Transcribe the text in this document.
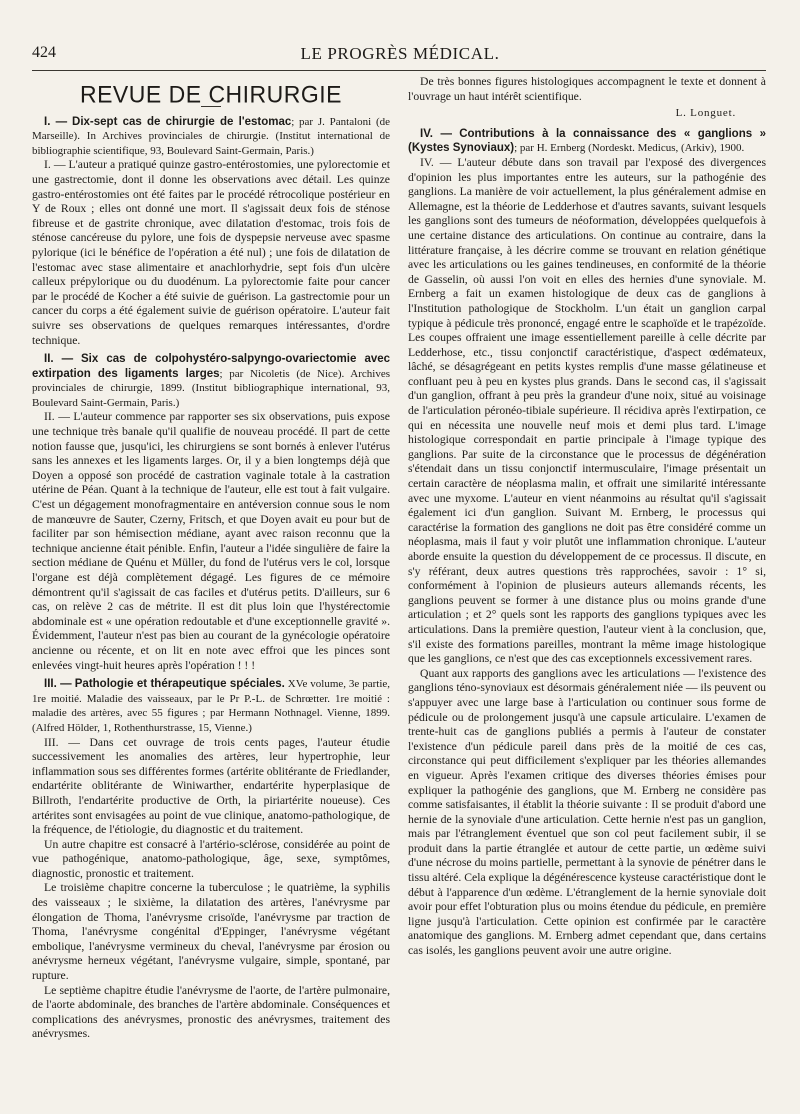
424	LE PROGRÈS MÉDICAL.
REVUE DE CHIRURGIE

I. — Dix-sept cas de chirurgie de l'estomac; par J. Pantaloni (de Marseille). In Archives provinciales de chirurgie. (Institut international de bibliographie scientifique, 93, Boulevard Saint-Germain, Paris.)

I. — L'auteur a pratiqué quinze gastro-entérostomies, une pylorectomie et une gastrectomie, dont il donne les observations avec détail. Les quinze gastro-entérostomies ont été faites par le procédé rétrocolique postérieur en Y de Roux ; elles ont donné une mort. Il s'agissait deux fois de sténose fibreuse et de gastrite chronique, avec dilatation d'estomac, trois fois de sténose cancéreuse du pylore, une fois de dyspepsie nerveuse avec spasme pylorique (ici le bénéfice de l'opération a été nul) ; une fois de dilatation de l'estomac avec stase alimentaire et anachlorhydrie, sept fois d'un ulcère calleux prépylorique ou du duodénum. La pylorectomie faite pour cancer par le procédé de Kocher a été suivie de guérison. La gastrectomie pour un cancer du corps a été également suivie de guérison opératoire. L'auteur fait suivre ses observations de quelques remarques intéressantes, d'ordre technique.

II. — Six cas de colpohystéro-salpyngo-ovariectomie avec extirpation des ligaments larges; par Nicoletis (de Nice). Archives provinciales de chirurgie, 1899. (Institut bibliographique international, 93, Boulevard Saint-Germain, Paris.)

II. — L'auteur commence par rapporter ses six observations, puis expose une technique très banale qu'il qualifie de nouveau procédé. Il part de cette notion fausse que, jusqu'ici, les chirurgiens se sont bornés à enlever l'utérus sans les annexes et les ligaments larges. Or, il y a bien longtemps déjà que Doyen a opposé son procédé de castration vaginale totale à la castration utérine de Péan. Quant à la technique de l'auteur, elle est tout à fait vulgaire. C'est un dégagement monofragmentaire en antéversion connue sous le nom de manœuvre de Sauter, Czerny, Fritsch, et que Doyen avait eu pour but de faciliter par son hémisection médiane, ayant avec raison reconnu que la technique ancienne était pénible. Enfin, l'auteur a l'idée singulière de faire la section médiane de Quénu et Müller, du fond de l'utérus vers le col, lorsque l'organe est déjà complètement dégagé. Les figures de ce mémoire démontrent qu'il s'agissait de cas faciles et d'utérus petits. D'ailleurs, sur 6 cas, on relève 2 cas de métrite. Il est dit plus loin que l'hystérectomie abdominale est « une opération redoutable et d'une exceptionnelle gravité ». Évidemment, l'auteur n'est pas bien au courant de la gynécologie opératoire ancienne ou récente, et on lit en note avec effroi que les pinces sont enlevées vingt-huit heures après l'opération ! ! !

III. — Pathologie et thérapeutique spéciales. XVe volume, 3e partie, 1re moitié. Maladie des vaisseaux, par le Pr P.-L. de Schrœtter. 1re moitié : maladie des artères, avec 55 figures ; par Hermann Nothnagel. Vienne, 1899. (Alfred Hölder, 1, Rothenthurstrasse, 15, Vienne.)

III. — Dans cet ouvrage de trois cents pages, l'auteur étudie successivement les anomalies des artères, leur hypertrophie, leur inflammation sous ses différentes formes (artérite oblitérante de Friedlander, endartérite oblitérante de Winiwarther, endartérite hyperplasique de Billroth, l'endartérite productive de Orth, la piriartérite noueuse). Ces artérites sont envisagées au point de vue clinique, anatomo-pathologique, de la fréquence, de l'étiologie, du diagnostic et du traitement.

Un autre chapitre est consacré à l'artério-sclérose, considérée au point de vue pathogénique, anatomo-pathologique, âge, sexe, symptômes, diagnostic, pronostic et traitement.

Le troisième chapitre concerne la tuberculose ; le quatrième, la syphilis des vaisseaux ; le sixième, la dilatation des artères, l'anévrysme par élongation de Thoma, l'anévrysme crisoïde, l'anévrysme par traction de Thoma, l'anévrysme congénital d'Eppinger, l'anévrysme végétant embolique, l'anévrysme vermineux du cheval, l'anévrysme par érosion ou anévrysme herneux végétant, l'anévrysme vulgaire, simple, spontané, par rupture.

Le septième chapitre étudie l'anévrysme de l'aorte, de l'artère pulmonaire, de l'aorte abdominale, des branches de l'artère abdominale. Conséquences et complications des anévrysmes, pronostic des anévrysmes, traitement des anévrysmes.

De très bonnes figures histologiques accompagnent le texte et donnent à l'ouvrage un haut intérêt scientifique.

L. Longuet.

IV. — Contributions à la connaissance des « ganglions » (Kystes Synoviaux); par H. Ernberg (Nordeskt. Medicus, (Arkiv), 1900.

IV. — L'auteur débute dans son travail par l'exposé des divergences d'opinion les plus importantes entre les auteurs, sur la pathogénie des ganglions. La manière de voir actuellement, la plus généralement admise en Allemagne, est la théorie de Ledderhose et d'autres savants, suivant lesquels les ganglions sont des tumeurs de néoformation, développées quelquefois à une certaine distance des articulations. On continue au contraire, dans la littérature française, à les décrire comme se trouvant en relation génétique avec les articulations ou les gaines tendineuses, en conformité de la théorie de Gasselin, où aussi l'on voit en elles des hernies d'une synoviale. M. Ernberg a fait un examen histologique de deux cas de ganglions à l'Institution pathologique de Stockholm. L'un était un ganglion carpal typique à pédicule très prononcé, engagé entre le scaphoïde et le trapézoïde. Les coupes offraient une image essentiellement pareille à celle décrite par Ledderhose, etc., tissu conjonctif caractéristique, d'aspect œdémateux, lâché, se désagrégeant en petits kystes remplis d'une masse gélatineuse et confluant peu à peu en kystes plus grands. Dans le second cas, il s'agissait d'un ganglion, offrant à peu près la grandeur d'une noix, situé au voisinage de l'articulation péronéo-tibiale supérieure. Il récidiva après l'extirpation, ce qui en nécessita une nouvelle neuf mois et demi plus tard. L'image histologique correspondait en partie principale à l'image typique des ganglions. Par suite de la circonstance que le processus de dégénération s'étendait dans un tissu conjonctif intermusculaire, l'image présentait un certain caractère de néoplasma malin, et offrait une similarité intéressante avec une myxome. L'auteur en vient néanmoins au résultat qu'il s'agissait également ici d'un ganglion. Suivant M. Ernberg, le processus qui caractérise la formation des ganglions ne doit pas être considéré comme un néoplasma, mais il faut y voir plutôt une inflammation chronique. L'auteur aborde ensuite la question du développement de ce processus. Il discute, en s'y référant, deux autres questions très rapprochées, savoir : 1° si, conformément à l'opinion de plusieurs auteurs allemands récents, les ganglions peuvent se former à une distance plus ou moins grande d'une articulation ; et 2° quels sont les rapports des ganglions typiques avec les articulations. Dans la première question, l'auteur vient à la conclusion, que, s'il existe des formations pareilles, montrant la même image histologique que les ganglions, ce n'est que des cas exceptionnels excessivement rares.

Quant aux rapports des ganglions avec les articulations — l'existence des ganglions téno-synoviaux est désormais généralement niée — ils peuvent ou s'appuyer avec une large base à l'articulation ou continuer sous forme de pédicule ou de prolongement jusqu'à une capsule articulaire. L'examen de trente-huit cas de ganglions publiés a permis à l'auteur de constater l'existence d'un pédicule pareil dans près de la moitié de ces cas, circonstance qui peut difficilement s'expliquer par les théories allemandes en vigueur. Après l'examen critique des diverses théories émises pour expliquer la pathogénie des ganglions, que M. Ernberg ne considère pas comme satisfaisantes, il établit la théorie suivante : Il se produit d'abord une hernie de la synoviale d'une articulation. Cette hernie n'est pas un ganglion, mais par l'étranglement éventuel que son col peut facilement subir, il se produit dans la partie étranglée et autour de cette partie, un œdème suivi d'une nécrose du moins partielle, permettant à la synovie de pénétrer dans le tissu altéré. Cela explique la dégénérescence kysteuse caractéristique dont le début à l'apparence d'un œdème. L'étranglement de la hernie synoviale doit avoir pour effet l'obturation plus ou moins étendue du pédicule, en première ligne jusqu'à l'articulation. Cette opinion est confirmée par le caractère anatomique des ganglions. M. Ernberg admet cependant que, dans certains cas isolés, les ganglions peuvent avoir une autre origine.
